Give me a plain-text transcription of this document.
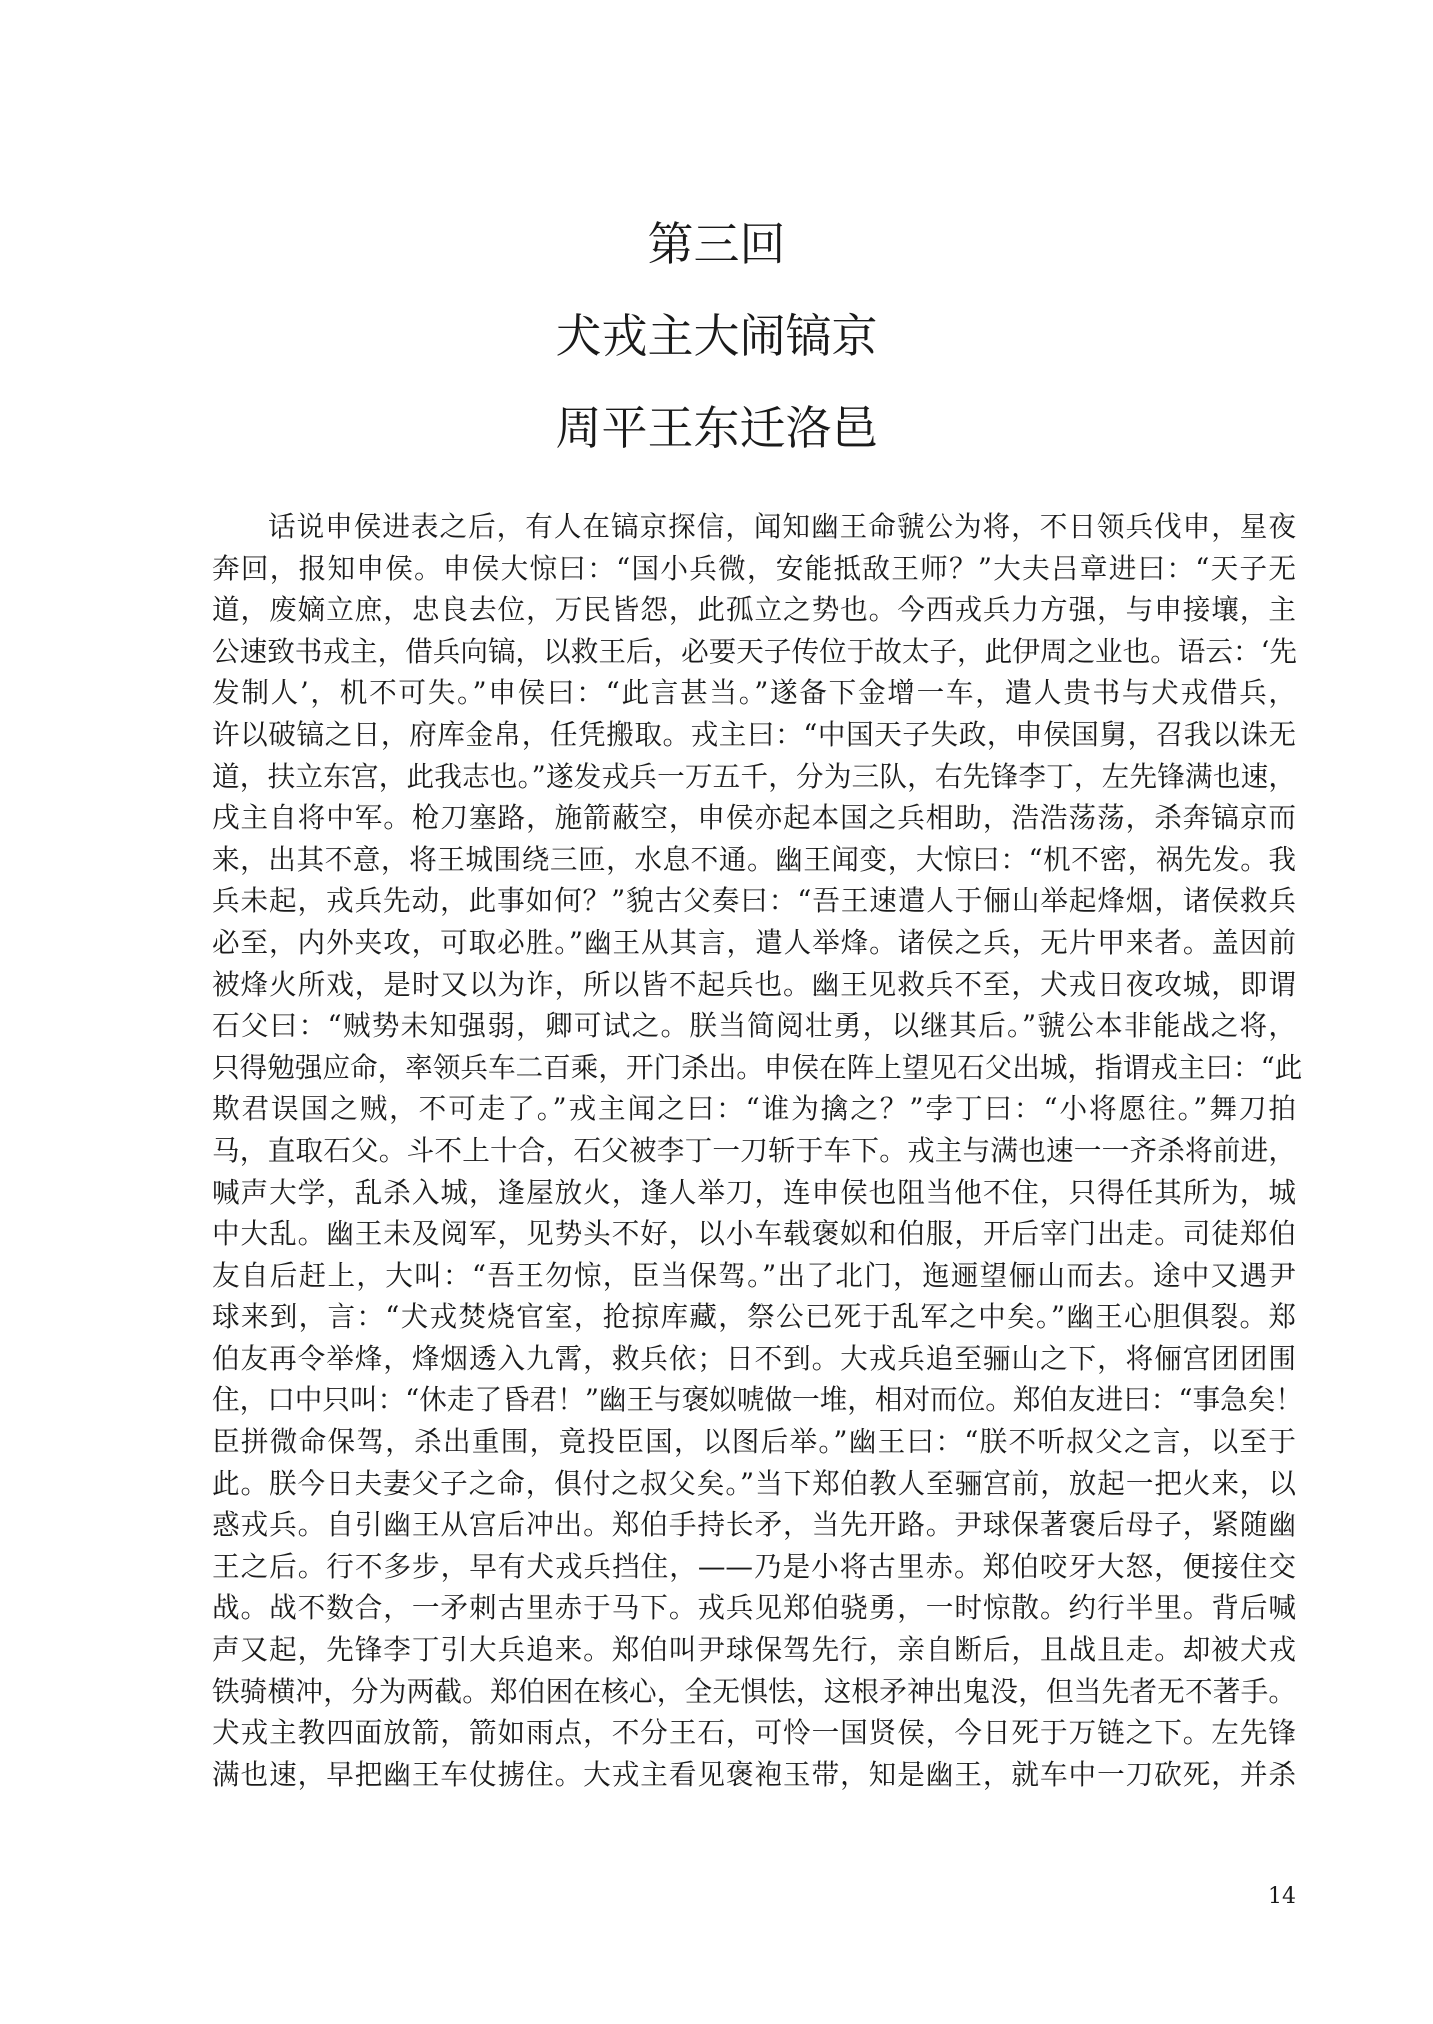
第三回
犬戎主大闹镐京
周平王东迁洛邑
话说申侯进表之后，有人在镐京探信，闻知幽王命虢公为将，不日领兵伐申，星夜
奔回，报知申侯。申侯大惊曰：“国小兵微，安能抵敌王师？”大夫吕章进曰：“天子无
道，废嫡立庶，忠良去位，万民皆怨，此孤立之势也。今西戎兵力方强，与申接壤，主
公速致书戎主，借兵向镐，以救王后，必要天子传位于故太子，此伊周之业也。语云：‘先
发制人’，机不可失。”申侯曰：“此言甚当。”遂备下金增一车，遣人贵书与犬戎借兵，
许以破镐之日，府库金帛，任凭搬取。戎主曰：“中国天子失政，申侯国舅，召我以诛无
道，扶立东宫，此我志也。”遂发戎兵一万五千，分为三队，右先锋李丁，左先锋满也速，
戌主自将中军。枪刀塞路，施箭蔽空，申侯亦起本国之兵相助，浩浩荡荡，杀奔镐京而
来，出其不意，将王城围绕三匝，水息不通。幽王闻变，大惊曰：“机不密，祸先发。我
兵未起，戎兵先动，此事如何？”貌古父奏曰：“吾王速遣人于俪山举起烽烟，诸侯救兵
必至，内外夹攻，可取必胜。”幽王从其言，遣人举烽。诸侯之兵，无片甲来者。盖因前
被烽火所戏，是时又以为诈，所以皆不起兵也。幽王见救兵不至，犬戎日夜攻城，即谓
石父曰：“贼势未知强弱，卿可试之。朕当简阅壮勇，以继其后。”虢公本非能战之将，
只得勉强应命，率领兵车二百乘，开门杀出。申侯在阵上望见石父出城，指谓戎主曰：“此
欺君误国之贼，不可走了。”戎主闻之曰：“谁为擒之？”孛丁曰：“小将愿往。”舞刀拍
马，直取石父。斗不上十合，石父被李丁一刀斩于车下。戎主与满也速一一齐杀将前进，
喊声大学，乱杀入城，逢屋放火，逢人举刀，连申侯也阻当他不住，只得任其所为，城
中大乱。幽王未及阅军，见势头不好，以小车载褒姒和伯服，开后宰门出走。司徒郑伯
友自后赶上，大叫：“吾王勿惊，臣当保驾。”出了北门，迤逦望俪山而去。途中又遇尹
球来到，言：“犬戎焚烧官室，抢掠库藏，祭公已死于乱军之中矣。”幽王心胆俱裂。郑
伯友再令举烽，烽烟透入九霄，救兵依；日不到。大戎兵追至骊山之下，将俪宫团团围
住，口中只叫：“休走了昏君！”幽王与褒姒唬做一堆，相对而位。郑伯友进曰：“事急矣！
臣拼微命保驾，杀出重围，竟投臣国，以图后举。”幽王曰：“朕不听叔父之言，以至于
此。朕今日夫妻父子之命，俱付之叔父矣。”当下郑伯教人至骊宫前，放起一把火来，以
惑戎兵。自引幽王从宫后冲出。郑伯手持长矛，当先开路。尹球保著褒后母子，紧随幽
王之后。行不多步，早有犬戎兵挡住，——乃是小将古里赤。郑伯咬牙大怒，便接住交
战。战不数合，一矛刺古里赤于马下。戎兵见郑伯骁勇，一时惊散。约行半里。背后喊
声又起，先锋李丁引大兵追来。郑伯叫尹球保驾先行，亲自断后，且战且走。却被犬戎
铁骑横冲，分为两截。郑伯困在核心，全无惧怯，这根矛神出鬼没，但当先者无不著手。
犬戎主教四面放箭，箭如雨点，不分王石，可怜一国贤侯，今日死于万链之下。左先锋
满也速，早把幽王车仗掳住。大戎主看见褒袍玉带，知是幽王，就车中一刀砍死，并杀
14
